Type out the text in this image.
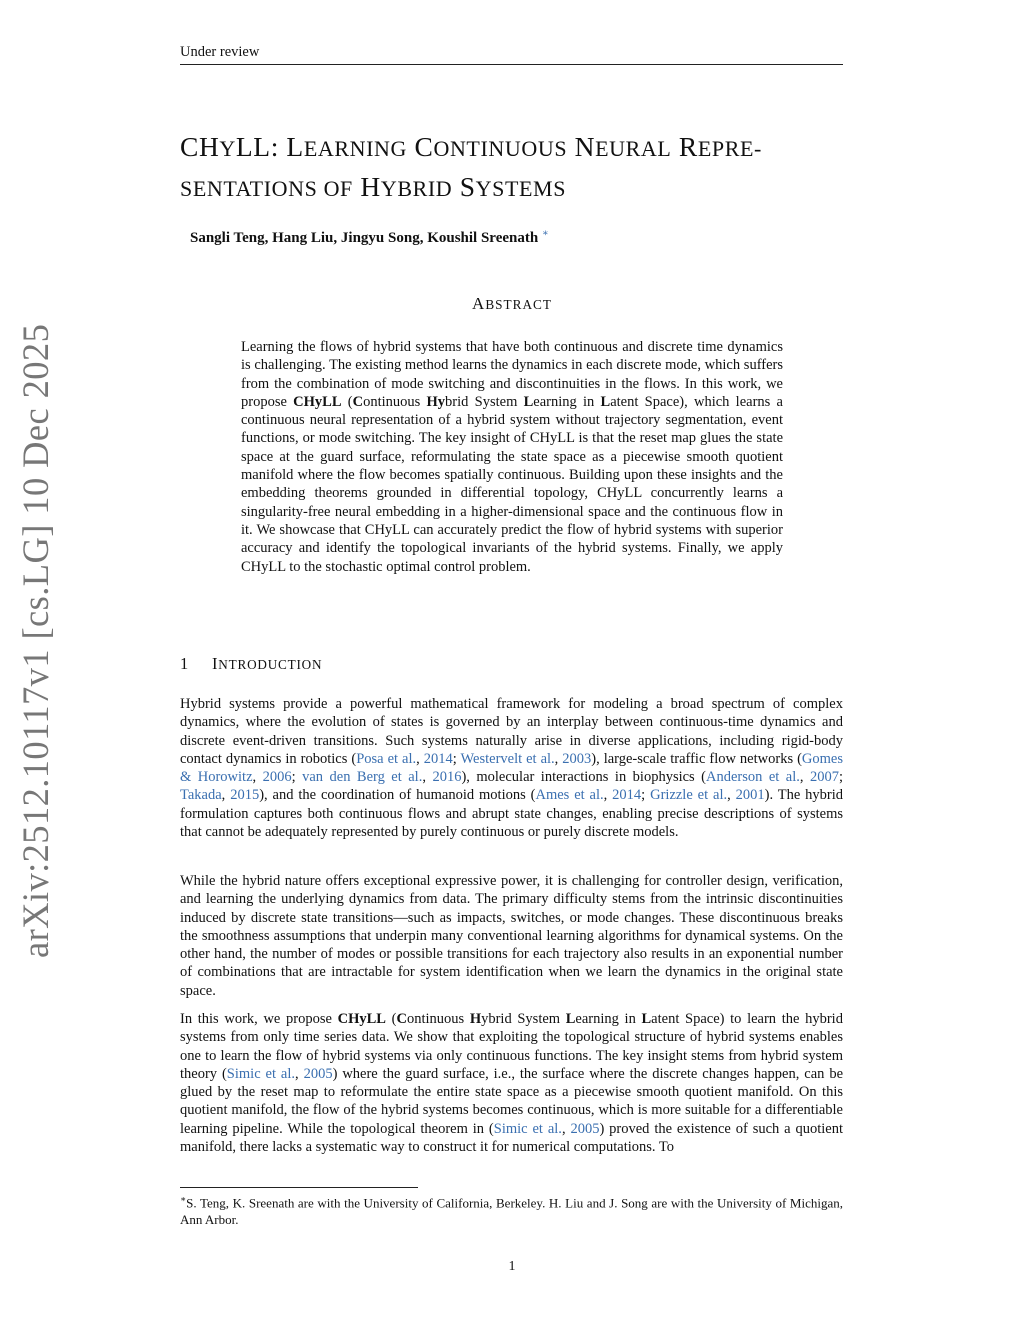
Under review
arXiv:2512.10117v1 [cs.LG] 10 Dec 2025
CHYLL: LEARNING CONTINUOUS NEURAL REPRE-
SENTATIONS OF HYBRID SYSTEMS
Sangli Teng, Hang Liu, Jingyu Song, Koushil Sreenath ∗
ABSTRACT
Learning the flows of hybrid systems that have both continuous and discrete time dynamics is challenging. The existing method learns the dynamics in each discrete mode, which suffers from the combination of mode switching and discontinuities in the flows. In this work, we propose CHyLL (Continuous Hybrid System Learning in Latent Space), which learns a continuous neural representation of a hybrid system without trajectory segmentation, event functions, or mode switching. The key insight of CHyLL is that the reset map glues the state space at the guard surface, reformulating the state space as a piecewise smooth quotient manifold where the flow becomes spatially continuous. Building upon these insights and the embedding theorems grounded in differential topology, CHyLL concurrently learns a singularity-free neural embedding in a higher-dimensional space and the continuous flow in it. We showcase that CHyLL can accurately predict the flow of hybrid systems with superior accuracy and identify the topological invariants of the hybrid systems. Finally, we apply CHyLL to the stochastic optimal control problem.
1 INTRODUCTION

Hybrid systems provide a powerful mathematical framework for modeling a broad spectrum of complex dynamics, where the evolution of states is governed by an interplay between continuous-time dynamics and discrete event-driven transitions. Such systems naturally arise in diverse applications, including rigid-body contact dynamics in robotics (Posa et al., 2014; Westervelt et al., 2003), large-scale traffic flow networks (Gomes & Horowitz, 2006; van den Berg et al., 2016), molecular interactions in biophysics (Anderson et al., 2007; Takada, 2015), and the coordination of humanoid motions (Ames et al., 2014; Grizzle et al., 2001). The hybrid formulation captures both continuous flows and abrupt state changes, enabling precise descriptions of systems that cannot be adequately represented by purely continuous or purely discrete models.

While the hybrid nature offers exceptional expressive power, it is challenging for controller design, verification, and learning the underlying dynamics from data. The primary difficulty stems from the intrinsic discontinuities induced by discrete state transitions—such as impacts, switches, or mode changes. These discontinuous breaks the smoothness assumptions that underpin many conventional learning algorithms for dynamical systems. On the other hand, the number of modes or possible transitions for each trajectory also results in an exponential number of combinations that are intractable for system identification when we learn the dynamics in the original state space.

In this work, we propose CHyLL (Continuous Hybrid System Learning in Latent Space) to learn the hybrid systems from only time series data. We show that exploiting the topological structure of hybrid systems enables one to learn the flow of hybrid systems via only continuous functions. The key insight stems from hybrid system theory (Simic et al., 2005) where the guard surface, i.e., the surface where the discrete changes happen, can be glued by the reset map to reformulate the entire state space as a piecewise smooth quotient manifold. On this quotient manifold, the flow of the hybrid systems becomes continuous, which is more suitable for a differentiable learning pipeline. While the topological theorem in (Simic et al., 2005) proved the existence of such a quotient manifold, there lacks a systematic way to construct it for numerical computations. To

∗S. Teng, K. Sreenath are with the University of California, Berkeley. H. Liu and J. Song are with the University of Michigan, Ann Arbor.
1
